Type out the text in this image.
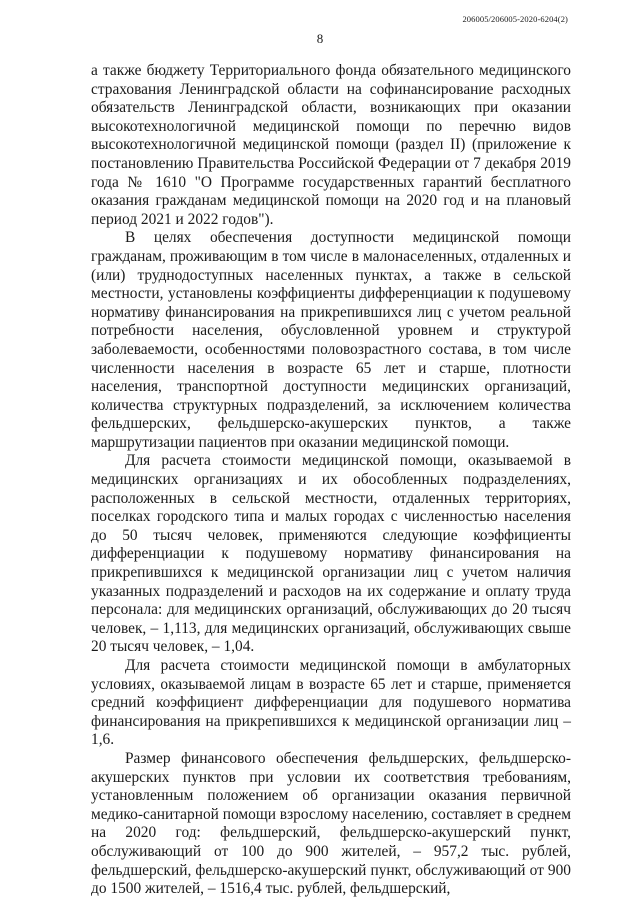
206005/206005-2020-6204(2)
8

а также бюджету Территориального фонда обязательного медицинского страхования Ленинградской области на софинансирование расходных обязательств Ленинградской области, возникающих при оказании высокотехнологичной медицинской помощи по перечню видов высокотехнологичной медицинской помощи (раздел II) (приложение к постановлению Правительства Российской Федерации от 7 декабря 2019 года № 1610 "О Программе государственных гарантий бесплатного оказания гражданам медицинской помощи на 2020 год и на плановый период 2021 и 2022 годов").

В целях обеспечения доступности медицинской помощи гражданам, проживающим в том числе в малонаселенных, отдаленных и (или) труднодоступных населенных пунктах, а также в сельской местности, установлены коэффициенты дифференциации к подушевому нормативу финансирования на прикрепившихся лиц с учетом реальной потребности населения, обусловленной уровнем и структурой заболеваемости, особенностями половозрастного состава, в том числе численности населения в возрасте 65 лет и старше, плотности населения, транспортной доступности медицинских организаций, количества структурных подразделений, за исключением количества фельдшерских, фельдшерско-акушерских пунктов, а также маршрутизации пациентов при оказании медицинской помощи.

Для расчета стоимости медицинской помощи, оказываемой в медицинских организациях и их обособленных подразделениях, расположенных в сельской местности, отдаленных территориях, поселках городского типа и малых городах с численностью населения до 50 тысяч человек, применяются следующие коэффициенты дифференциации к подушевому нормативу финансирования на прикрепившихся к медицинской организации лиц с учетом наличия указанных подразделений и расходов на их содержание и оплату труда персонала: для медицинских организаций, обслуживающих до 20 тысяч человек, – 1,113, для медицинских организаций, обслуживающих свыше 20 тысяч человек, – 1,04.

Для расчета стоимости медицинской помощи в амбулаторных условиях, оказываемой лицам в возрасте 65 лет и старше, применяется средний коэффициент дифференциации для подушевого норматива финансирования на прикрепившихся к медицинской организации лиц – 1,6.

Размер финансового обеспечения фельдшерских, фельдшерско-акушерских пунктов при условии их соответствия требованиям, установленным положением об организации оказания первичной медико-санитарной помощи взрослому населению, составляет в среднем на 2020 год: фельдшерский, фельдшерско-акушерский пункт, обслуживающий от 100 до 900 жителей, – 957,2 тыс. рублей, фельдшерский, фельдшерско-акушерский пункт, обслуживающий от 900 до 1500 жителей, – 1516,4 тыс. рублей, фельдшерский,
